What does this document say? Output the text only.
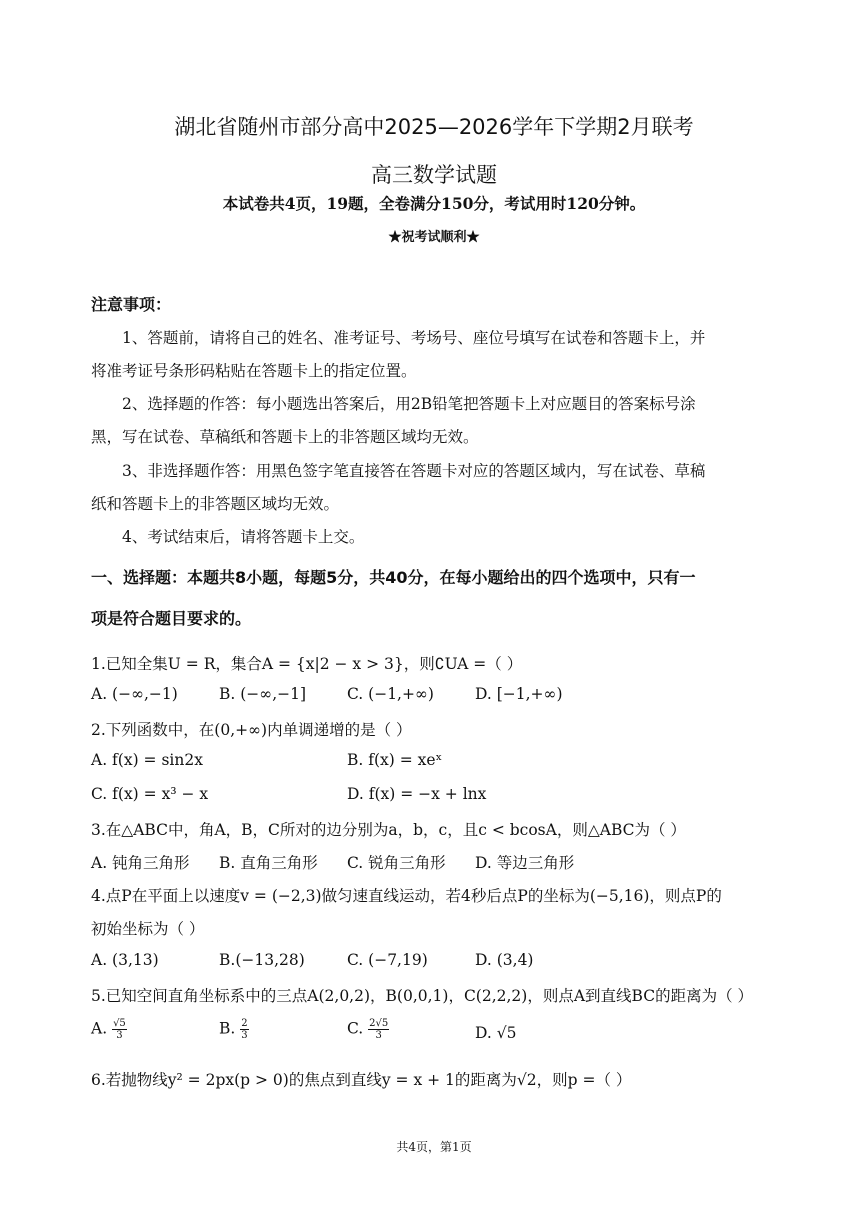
湖北省随州市部分高中2025—2026学年下学期2月联考
高三数学试题
本试卷共4页，19题，全卷满分150分，考试用时120分钟。
★祝考试顺利★
注意事项：
1、答题前，请将自己的姓名、准考证号、考场号、座位号填写在试卷和答题卡上，并
将准考证号条形码粘贴在答题卡上的指定位置。
2、选择题的作答：每小题选出答案后，用2B铅笔把答题卡上对应题目的答案标号涂
黑，写在试卷、草稿纸和答题卡上的非答题区域均无效。
3、非选择题作答：用黑色签字笔直接答在答题卡对应的答题区域内，写在试卷、草稿
纸和答题卡上的非答题区域均无效。
4、考试结束后，请将答题卡上交。
一、选择题：本题共8小题，每题5分，共40分，在每小题给出的四个选项中，只有一
项是符合题目要求的。
1.已知全集U = R，集合A = {x|2 − x > 3}，则∁UA =（ ）
A. (−∞,−1)	B. (−∞,−1]	C. (−1,+∞)	D. [−1,+∞)
2.下列函数中，在(0,+∞)内单调递增的是（ ）
A. f(x) = sin2x	B. f(x) = xeˣ
C. f(x) = x³ − x	D. f(x) = −x + lnx
3.在△ABC中，角A，B，C所对的边分别为a，b，c，且c < bcosA，则△ABC为（ ）
A. 钝角三角形 B. 直角三角形 C. 锐角三角形 D. 等边三角形
4.点P在平面上以速度v = (−2,3)做匀速直线运动，若4秒后点P的坐标为(−5,16)，则点P的
初始坐标为（ ）
A. (3,13)	B.(−13,28)	C. (−7,19)	D. (3,4)
5.已知空间直角坐标系中的三点A(2,0,2)，B(0,0,1)，C(2,2,2)，则点A到直线BC的距离为（ ）
A. $\frac{√5}{3}$	B. $\frac{2}{3}$	C. $\frac{2√5}{3}$	D. √5
6.若抛物线y² = 2px(p > 0)的焦点到直线y = x + 1的距离为√2，则p =（ ）
共4页，第1页
